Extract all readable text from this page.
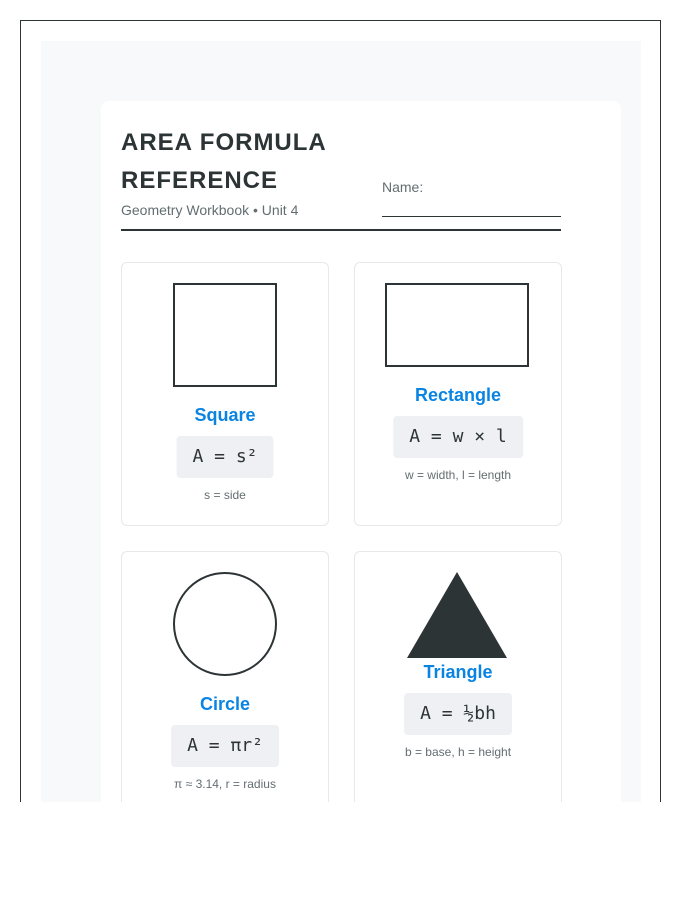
AREA FORMULA REFERENCE
Geometry Workbook • Unit 4
Name:
Square
A = s²
s = side
Rectangle
A = w × l
w = width, l = length
Circle
A = πr²
π ≈ 3.14, r = radius
Triangle
A = ½bh
b = base, h = height
